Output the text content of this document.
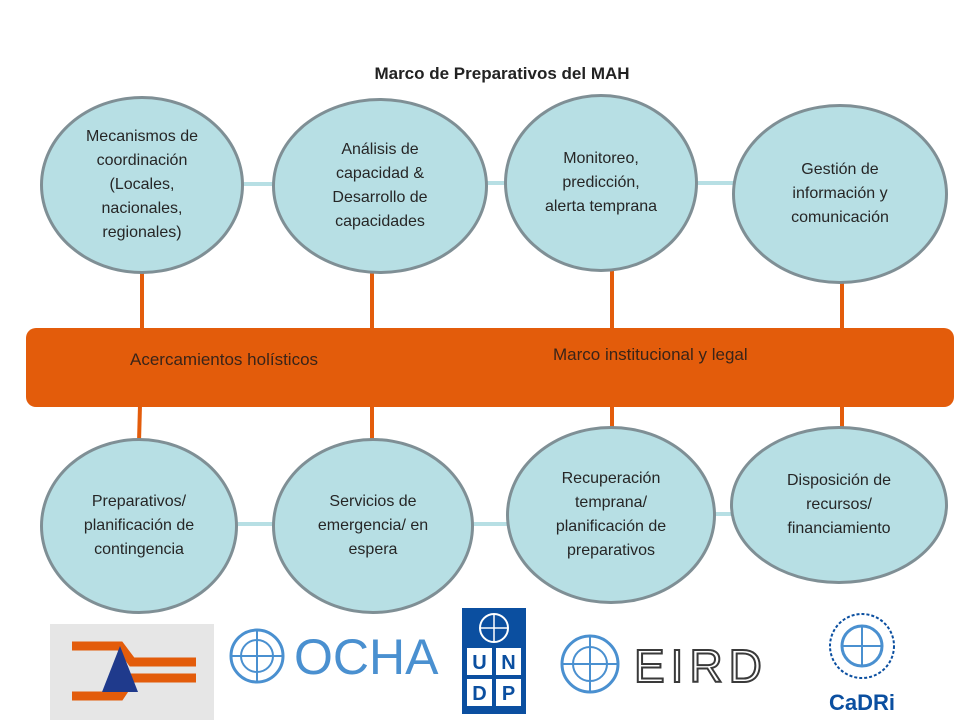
Marco de Preparativos del MAH
Acercamientos holísticos	Marco institucional y legal
Mecanismos de coordinación (Locales, nacionales, regionales)
Análisis de capacidad & Desarrollo de capacidades
Monitoreo, predicción, alerta temprana
Gestión de información y comunicación
Preparativos/ planificación de contingencia
Servicios de emergencia/ en espera
Recuperación temprana/ planificación de preparativos
Disposición de recursos/ financiamiento
OCHA U N
D P
EIRD
CaDRi
